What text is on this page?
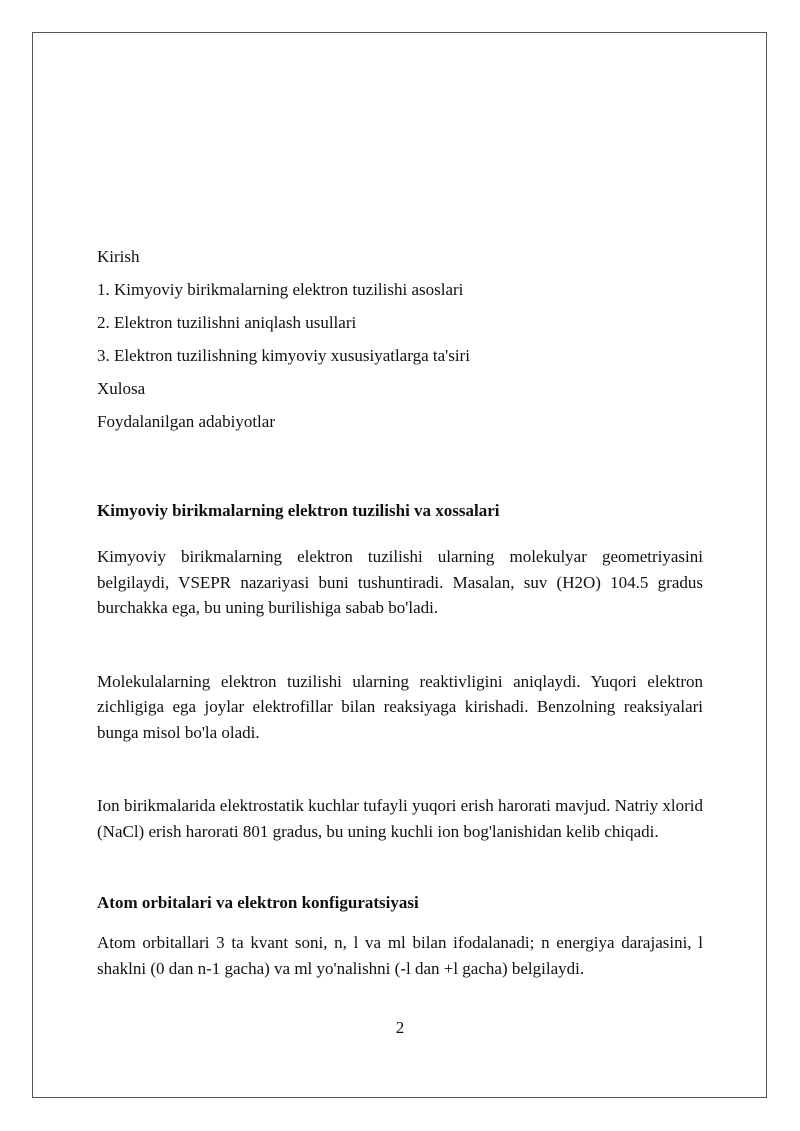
Kirish

1. Kimyoviy birikmalarning elektron tuzilishi asoslari

2. Elektron tuzilishni aniqlash usullari

3. Elektron tuzilishning kimyoviy xususiyatlarga ta'siri

Xulosa

Foydalanilgan adabiyotlar

Kimyoviy birikmalarning elektron tuzilishi va xossalari

Kimyoviy birikmalarning elektron tuzilishi ularning molekulyar geometriyasini belgilaydi, VSEPR nazariyasi buni tushuntiradi. Masalan, suv (H2O) 104.5 gradus burchakka ega, bu uning burilishiga sabab bo'ladi.

Molekulalarning elektron tuzilishi ularning reaktivligini aniqlaydi. Yuqori elektron zichligiga ega joylar elektrofillar bilan reaksiyaga kirishadi. Benzolning reaksiyalari bunga misol bo'la oladi.

Ion birikmalarida elektrostatik kuchlar tufayli yuqori erish harorati mavjud. Natriy xlorid (NaCl) erish harorati 801 gradus, bu uning kuchli ion bog'lanishidan kelib chiqadi.

Atom orbitalari va elektron konfiguratsiyasi

Atom orbitallari 3 ta kvant soni, n, l va ml bilan ifodalanadi; n energiya darajasini, l shaklni (0 dan n-1 gacha) va ml yo'nalishni (-l dan +l gacha) belgilaydi.

2
